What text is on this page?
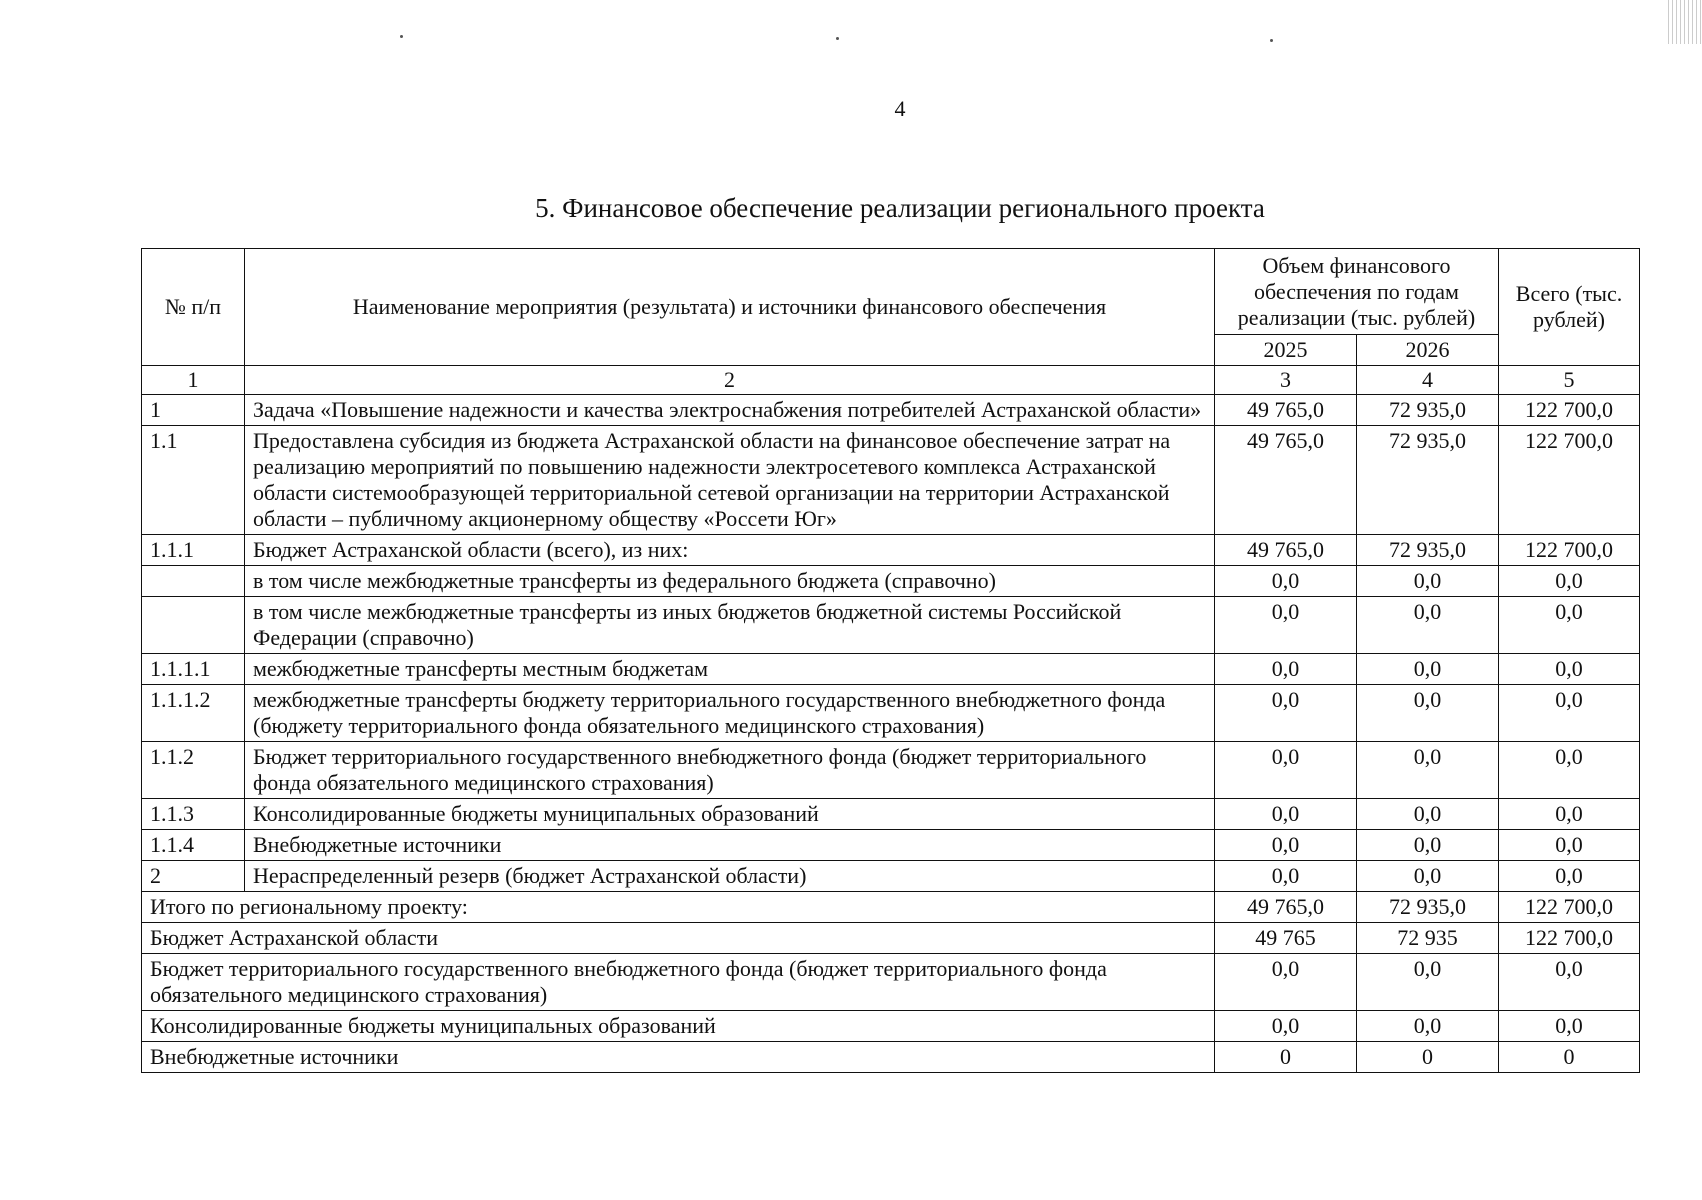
4
5. Финансовое обеспечение реализации регионального проекта
№ п/п	Наименование мероприятия (результата) и источники финансового обеспечения	Объем финансового обеспечения по годам реализации (тыс. рублей)		Всего (тыс. рублей)
		2025	2026	
1	2	3	4	5
1	Задача «Повышение надежности и качества электроснабжения потребителей Астраханской области»	49 765,0	72 935,0	122 700,0
1.1	Предоставлена субсидия из бюджета Астраханской области на финансовое обеспечение затрат на реализацию мероприятий по повышению надежности электросетевого комплекса Астраханской области системообразующей территориальной сетевой организации на территории Астраханской области – публичному акционерному обществу «Россети Юг»	49 765,0	72 935,0	122 700,0
1.1.1	Бюджет Астраханской области (всего), из них:	49 765,0	72 935,0	122 700,0
	в том числе межбюджетные трансферты из федерального бюджета (справочно)	0,0	0,0	0,0
	в том числе межбюджетные трансферты из иных бюджетов бюджетной системы Российской Федерации (справочно)	0,0	0,0	0,0
1.1.1.1	межбюджетные трансферты местным бюджетам	0,0	0,0	0,0
1.1.1.2	межбюджетные трансферты бюджету территориального государственного внебюджетного фонда (бюджету территориального фонда обязательного медицинского страхования)	0,0	0,0	0,0
1.1.2	Бюджет территориального государственного внебюджетного фонда (бюджет территориального фонда обязательного медицинского страхования)	0,0	0,0	0,0
1.1.3	Консолидированные бюджеты муниципальных образований	0,0	0,0	0,0
1.1.4	Внебюджетные источники	0,0	0,0	0,0
2	Нераспределенный резерв (бюджет Астраханской области)	0,0	0,0	0,0
Итого по региональному проекту:		49 765,0	72 935,0	122 700,0
Бюджет Астраханской области		49 765	72 935	122 700,0
Бюджет территориального государственного внебюджетного фонда (бюджет территориального фонда обязательного медицинского страхования)		0,0	0,0	0,0
Консолидированные бюджеты муниципальных образований		0,0	0,0	0,0
Внебюджетные источники		0	0	0
